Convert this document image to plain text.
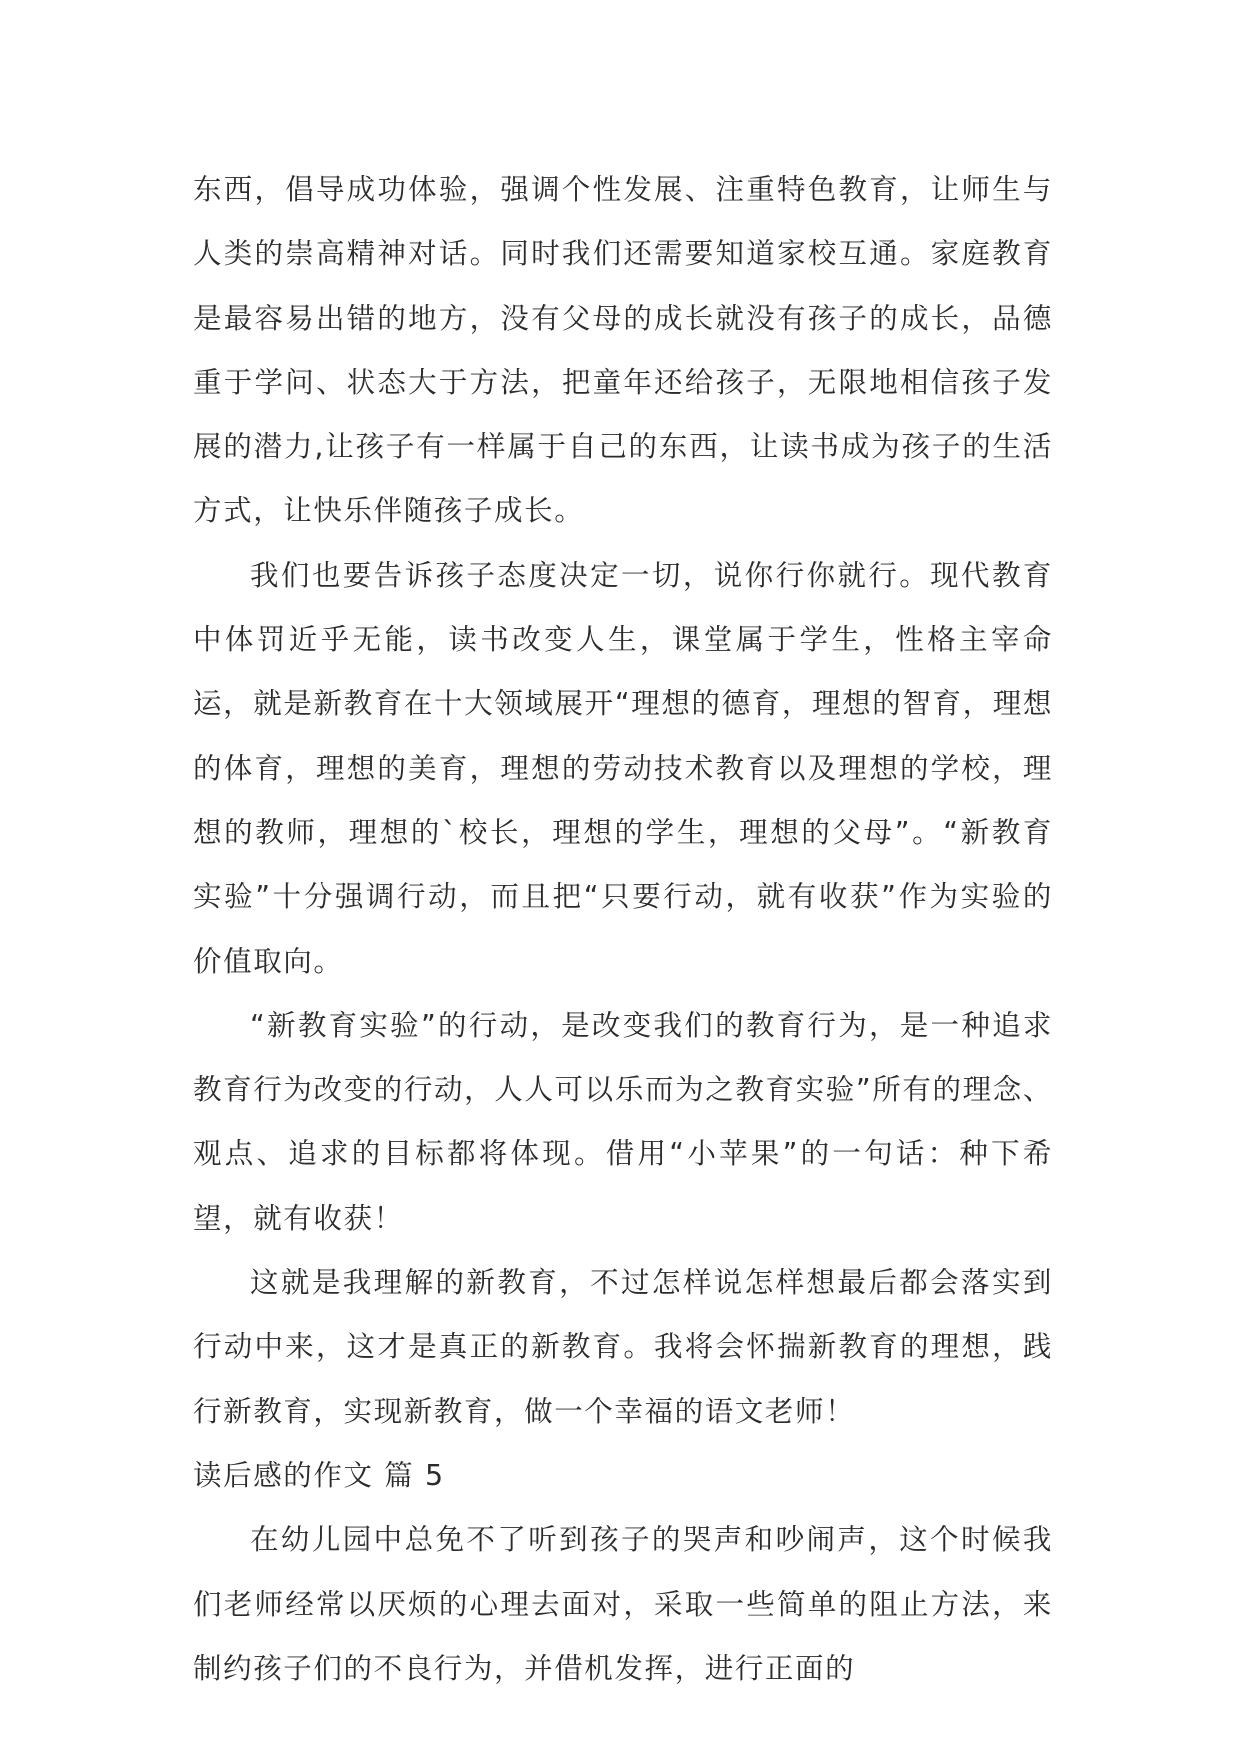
东西，倡导成功体验，强调个性发展、注重特色教育，让师生与人类的崇高精神对话。同时我们还需要知道家校互通。家庭教育是最容易出错的地方，没有父母的成长就没有孩子的成长，品德重于学问、状态大于方法，把童年还给孩子，无限地相信孩子发展的潜力,让孩子有一样属于自己的东西，让读书成为孩子的生活方式，让快乐伴随孩子成长。

我们也要告诉孩子态度决定一切，说你行你就行。现代教育中体罚近乎无能，读书改变人生，课堂属于学生，性格主宰命运，就是新教育在十大领域展开“理想的德育，理想的智育，理想的体育，理想的美育，理想的劳动技术教育以及理想的学校，理想的教师，理想的`校长，理想的学生，理想的父母”。“新教育实验”十分强调行动，而且把“只要行动，就有收获”作为实验的价值取向。

“新教育实验”的行动，是改变我们的教育行为，是一种追求教育行为改变的行动，人人可以乐而为之教育实验”所有的理念、观点、追求的目标都将体现。借用“小苹果”的一句话：种下希望，就有收获！

这就是我理解的新教育，不过怎样说怎样想最后都会落实到行动中来，这才是真正的新教育。我将会怀揣新教育的理想，践行新教育，实现新教育，做一个幸福的语文老师！

读后感的作文 篇 5

在幼儿园中总免不了听到孩子的哭声和吵闹声，这个时候我们老师经常以厌烦的心理去面对，采取一些简单的阻止方法，来制约孩子们的不良行为，并借机发挥，进行正面的
